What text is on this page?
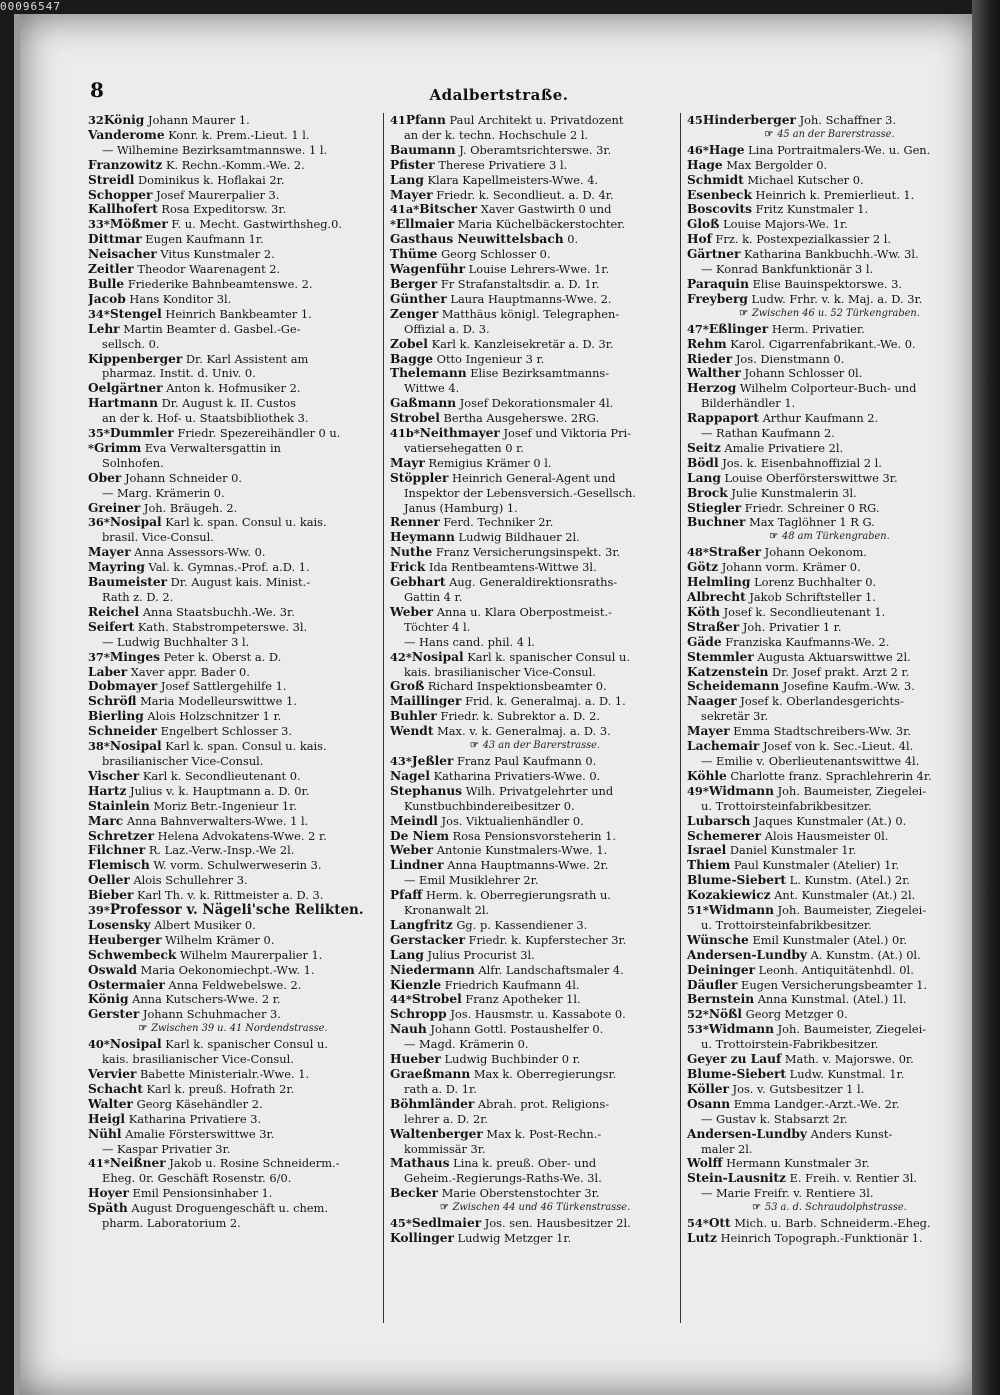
00096547
8	Adalbertstraße.
32König Johann Maurer 1.
Vanderome Konr. k. Prem.-Lieut. 1 l.
— Wilhemine Bezirksamtmannswe. 1 l.
Franzowitz K. Rechn.-Komm.-We. 2.
Streidl Dominikus k. Hoflakai 2r.
Schopper Josef Maurerpalier 3.
Kallhofert Rosa Expeditorsw. 3r.
33*Mößmer F. u. Mecht. Gastwirthsheg.0.
Dittmar Eugen Kaufmann 1r.
Neisacher Vitus Kunstmaler 2.
Zeitler Theodor Waarenagent 2.
Bulle Friederike Bahnbeamtenswe. 2.
Jacob Hans Konditor 3l.
34*Stengel Heinrich Bankbeamter 1.
Lehr Martin Beamter d. Gasbel.-Ge-
sellsch. 0.
Kippenberger Dr. Karl Assistent am
pharmaz. Instit. d. Univ. 0.
Oelgärtner Anton k. Hofmusiker 2.
Hartmann Dr. August k. II. Custos
an der k. Hof- u. Staatsbibliothek 3.
35*Dummler Friedr. Spezereihändler 0 u.
*Grimm Eva Verwaltersgattin in
Solnhofen.
Ober Johann Schneider 0.
— Marg. Krämerin 0.
Greiner Joh. Bräugeh. 2.
36*Nosipal Karl k. span. Consul u. kais.
brasil. Vice-Consul.
Mayer Anna Assessors-Ww. 0.
Mayring Val. k. Gymnas.-Prof. a.D. 1.
Baumeister Dr. August kais. Minist.-
Rath z. D. 2.
Reichel Anna Staatsbuchh.-We. 3r.
Seifert Kath. Stabstrompeterswe. 3l.
— Ludwig Buchhalter 3 l.
37*Minges Peter k. Oberst a. D.
Laber Xaver appr. Bader 0.
Dobmayer Josef Sattlergehilfe 1.
Schröfl Maria Modelleurswittwe 1.
Bierling Alois Holzschnitzer 1 r.
Schneider Engelbert Schlosser 3.
38*Nosipal Karl k. span. Consul u. kais.
brasilianischer Vice-Consul.
Vischer Karl k. Secondlieutenant 0.
Hartz Julius v. k. Hauptmann a. D. 0r.
Stainlein Moriz Betr.-Ingenieur 1r.
Marc Anna Bahnverwalters-Wwe. 1 l.
Schretzer Helena Advokatens-Wwe. 2 r.
Filchner R. Laz.-Verw.-Insp.-We 2l.
Flemisch W. vorm. Schulwerweserin 3.
Oeller Alois Schullehrer 3.
Bieber Karl Th. v. k. Rittmeister a. D. 3.
39*Professor v. Nägeli'sche Relikten.
Losensky Albert Musiker 0.
Heuberger Wilhelm Krämer 0.
Schwembeck Wilhelm Maurerpalier 1.
Oswald Maria Oekonomiechpt.-Ww. 1.
Ostermaier Anna Feldwebelswe. 2.
König Anna Kutschers-Wwe. 2 r.
Gerster Johann Schuhmacher 3.
☞ Zwischen 39 u. 41 Nordendstrasse.
40*Nosipal Karl k. spanischer Consul u.
kais. brasilianischer Vice-Consul.
Vervier Babette Ministerialr.-Wwe. 1.
Schacht Karl k. preuß. Hofrath 2r.
Walter Georg Käsehändler 2.
Heigl Katharina Privatiere 3.
Nühl Amalie Försterswittwe 3r.
— Kaspar Privatier 3r.
41*Neißner Jakob u. Rosine Schneiderm.-
Eheg. 0r. Geschäft Rosenstr. 6/0.
Hoyer Emil Pensionsinhaber 1.
Späth August Droguengeschäft u. chem.
pharm. Laboratorium 2.
41Pfann Paul Architekt u. Privatdozent
an der k. techn. Hochschule 2 l.
Baumann J. Oberamtsrichterswe. 3r.
Pfister Therese Privatiere 3 l.
Lang Klara Kapellmeisters-Wwe. 4.
Mayer Friedr. k. Secondlieut. a. D. 4r.
41a*Bitscher Xaver Gastwirth 0 und
*Ellmaier Maria Küchelbäckerstochter.
Gasthaus Neuwittelsbach 0.
Thüme Georg Schlosser 0.
Wagenführ Louise Lehrers-Wwe. 1r.
Berger Fr Strafanstaltsdir. a. D. 1r.
Günther Laura Hauptmanns-Wwe. 2.
Zenger Matthäus königl. Telegraphen-
Offizial a. D. 3.
Zobel Karl k. Kanzleisekretär a. D. 3r.
Bagge Otto Ingenieur 3 r.
Thelemann Elise Bezirksamtmanns-
Wittwe 4.
Gaßmann Josef Dekorationsmaler 4l.
Strobel Bertha Ausgeherswe. 2RG.
41b*Neithmayer Josef und Viktoria Pri-
vatiersehegatten 0 r.
Mayr Remigius Krämer 0 l.
Stöppler Heinrich General-Agent und
Inspektor der Lebensversich.-Gesellsch.
Janus (Hamburg) 1.
Renner Ferd. Techniker 2r.
Heymann Ludwig Bildhauer 2l.
Nuthe Franz Versicherungsinspekt. 3r.
Frick Ida Rentbeamtens-Wittwe 3l.
Gebhart Aug. Generaldirektionsraths-
Gattin 4 r.
Weber Anna u. Klara Oberpostmeist.-
Töchter 4 l.
— Hans cand. phil. 4 l.
42*Nosipal Karl k. spanischer Consul u.
kais. brasilianischer Vice-Consul.
Groß Richard Inspektionsbeamter 0.
Maillinger Frid. k. Generalmaj. a. D. 1.
Buhler Friedr. k. Subrektor a. D. 2.
Wendt Max. v. k. Generalmaj. a. D. 3.
☞ 43 an der Barerstrasse.
43*Jeßler Franz Paul Kaufmann 0.
Nagel Katharina Privatiers-Wwe. 0.
Stephanus Wilh. Privatgelehrter und
Kunstbuchbindereibesitzer 0.
Meindl Jos. Viktualienhändler 0.
De Niem Rosa Pensionsvorsteherin 1.
Weber Antonie Kunstmalers-Wwe. 1.
Lindner Anna Hauptmanns-Wwe. 2r.
— Emil Musiklehrer 2r.
Pfaff Herm. k. Oberregierungsrath u.
Kronanwalt 2l.
Langfritz Gg. p. Kassendiener 3.
Gerstacker Friedr. k. Kupferstecher 3r.
Lang Julius Procurist 3l.
Niedermann Alfr. Landschaftsmaler 4.
Kienzle Friedrich Kaufmann 4l.
44*Strobel Franz Apotheker 1l.
Schropp Jos. Hausmstr. u. Kassabote 0.
Nauh Johann Gottl. Postaushelfer 0.
— Magd. Krämerin 0.
Hueber Ludwig Buchbinder 0 r.
Graeßmann Max k. Oberregierungsr.
rath a. D. 1r.
Böhmländer Abrah. prot. Religions-
lehrer a. D. 2r.
Waltenberger Max k. Post-Rechn.-
kommissär 3r.
Mathaus Lina k. preuß. Ober- und
Geheim.-Regierungs-Raths-We. 3l.
Becker Marie Oberstenstochter 3r.
☞ Zwischen 44 und 46 Türkenstrasse.
45*Sedlmaier Jos. sen. Hausbesitzer 2l.
Kollinger Ludwig Metzger 1r.
45Hinderberger Joh. Schaffner 3.
☞ 45 an der Barerstrasse.
46*Hage Lina Portraitmalers-We. u. Gen.
Hage Max Bergolder 0.
Schmidt Michael Kutscher 0.
Esenbeck Heinrich k. Premierlieut. 1.
Boscovits Fritz Kunstmaler 1.
Gloß Louise Majors-We. 1r.
Hof Frz. k. Postexpezialkassier 2 l.
Gärtner Katharina Bankbuchh.-Ww. 3l.
— Konrad Bankfunktionär 3 l.
Paraquin Elise Bauinspektorswe. 3.
Freyberg Ludw. Frhr. v. k. Maj. a. D. 3r.
☞ Zwischen 46 u. 52 Türkengraben.
47*Eßlinger Herm. Privatier.
Rehm Karol. Cigarrenfabrikant.-We. 0.
Rieder Jos. Dienstmann 0.
Walther Johann Schlosser 0l.
Herzog Wilhelm Colporteur-Buch- und
Bilderhändler 1.
Rappaport Arthur Kaufmann 2.
— Rathan Kaufmann 2.
Seitz Amalie Privatiere 2l.
Bödl Jos. k. Eisenbahnoffizial 2 l.
Lang Louise Oberförsterswittwe 3r.
Brock Julie Kunstmalerin 3l.
Stiegler Friedr. Schreiner 0 RG.
Buchner Max Taglöhner 1 R G.
☞ 48 am Türkengraben.
48*Straßer Johann Oekonom.
Götz Johann vorm. Krämer 0.
Helmling Lorenz Buchhalter 0.
Albrecht Jakob Schriftsteller 1.
Köth Josef k. Secondlieutenant 1.
Straßer Joh. Privatier 1 r.
Gäde Franziska Kaufmanns-We. 2.
Stemmler Augusta Aktuarswittwe 2l.
Katzenstein Dr. Josef prakt. Arzt 2 r.
Scheidemann Josefine Kaufm.-Ww. 3.
Naager Josef k. Oberlandesgerichts-
sekretär 3r.
Mayer Emma Stadtschreibers-Ww. 3r.
Lachemair Josef von k. Sec.-Lieut. 4l.
— Emilie v. Oberlieutenantswittwe 4l.
Köhle Charlotte franz. Sprachlehrerin 4r.
49*Widmann Joh. Baumeister, Ziegelei-
u. Trottoirsteinfabrikbesitzer.
Lubarsch Jaques Kunstmaler (At.) 0.
Schemerer Alois Hausmeister 0l.
Israel Daniel Kunstmaler 1r.
Thiem Paul Kunstmaler (Atelier) 1r.
Blume-Siebert L. Kunstm. (Atel.) 2r.
Kozakiewicz Ant. Kunstmaler (At.) 2l.
51*Widmann Joh. Baumeister, Ziegelei-
u. Trottoirsteinfabrikbesitzer.
Wünsche Emil Kunstmaler (Atel.) 0r.
Andersen-Lundby A. Kunstm. (At.) 0l.
Deininger Leonh. Antiquitätenhdl. 0l.
Däufler Eugen Versicherungsbeamter 1.
Bernstein Anna Kunstmal. (Atel.) 1l.
52*Nößl Georg Metzger 0.
53*Widmann Joh. Baumeister, Ziegelei-
u. Trottoirstein-Fabrikbesitzer.
Geyer zu Lauf Math. v. Majorswe. 0r.
Blume-Siebert Ludw. Kunstmal. 1r.
Köller Jos. v. Gutsbesitzer 1 l.
Osann Emma Landger.-Arzt.-We. 2r.
— Gustav k. Stabsarzt 2r.
Andersen-Lundby Anders Kunst-
maler 2l.
Wolff Hermann Kunstmaler 3r.
Stein-Lausnitz E. Freih. v. Rentier 3l.
— Marie Freifr. v. Rentiere 3l.
☞ 53 a. d. Schraudolphstrasse.
54*Ott Mich. u. Barb. Schneiderm.-Eheg.
Lutz Heinrich Topograph.-Funktionär 1.
